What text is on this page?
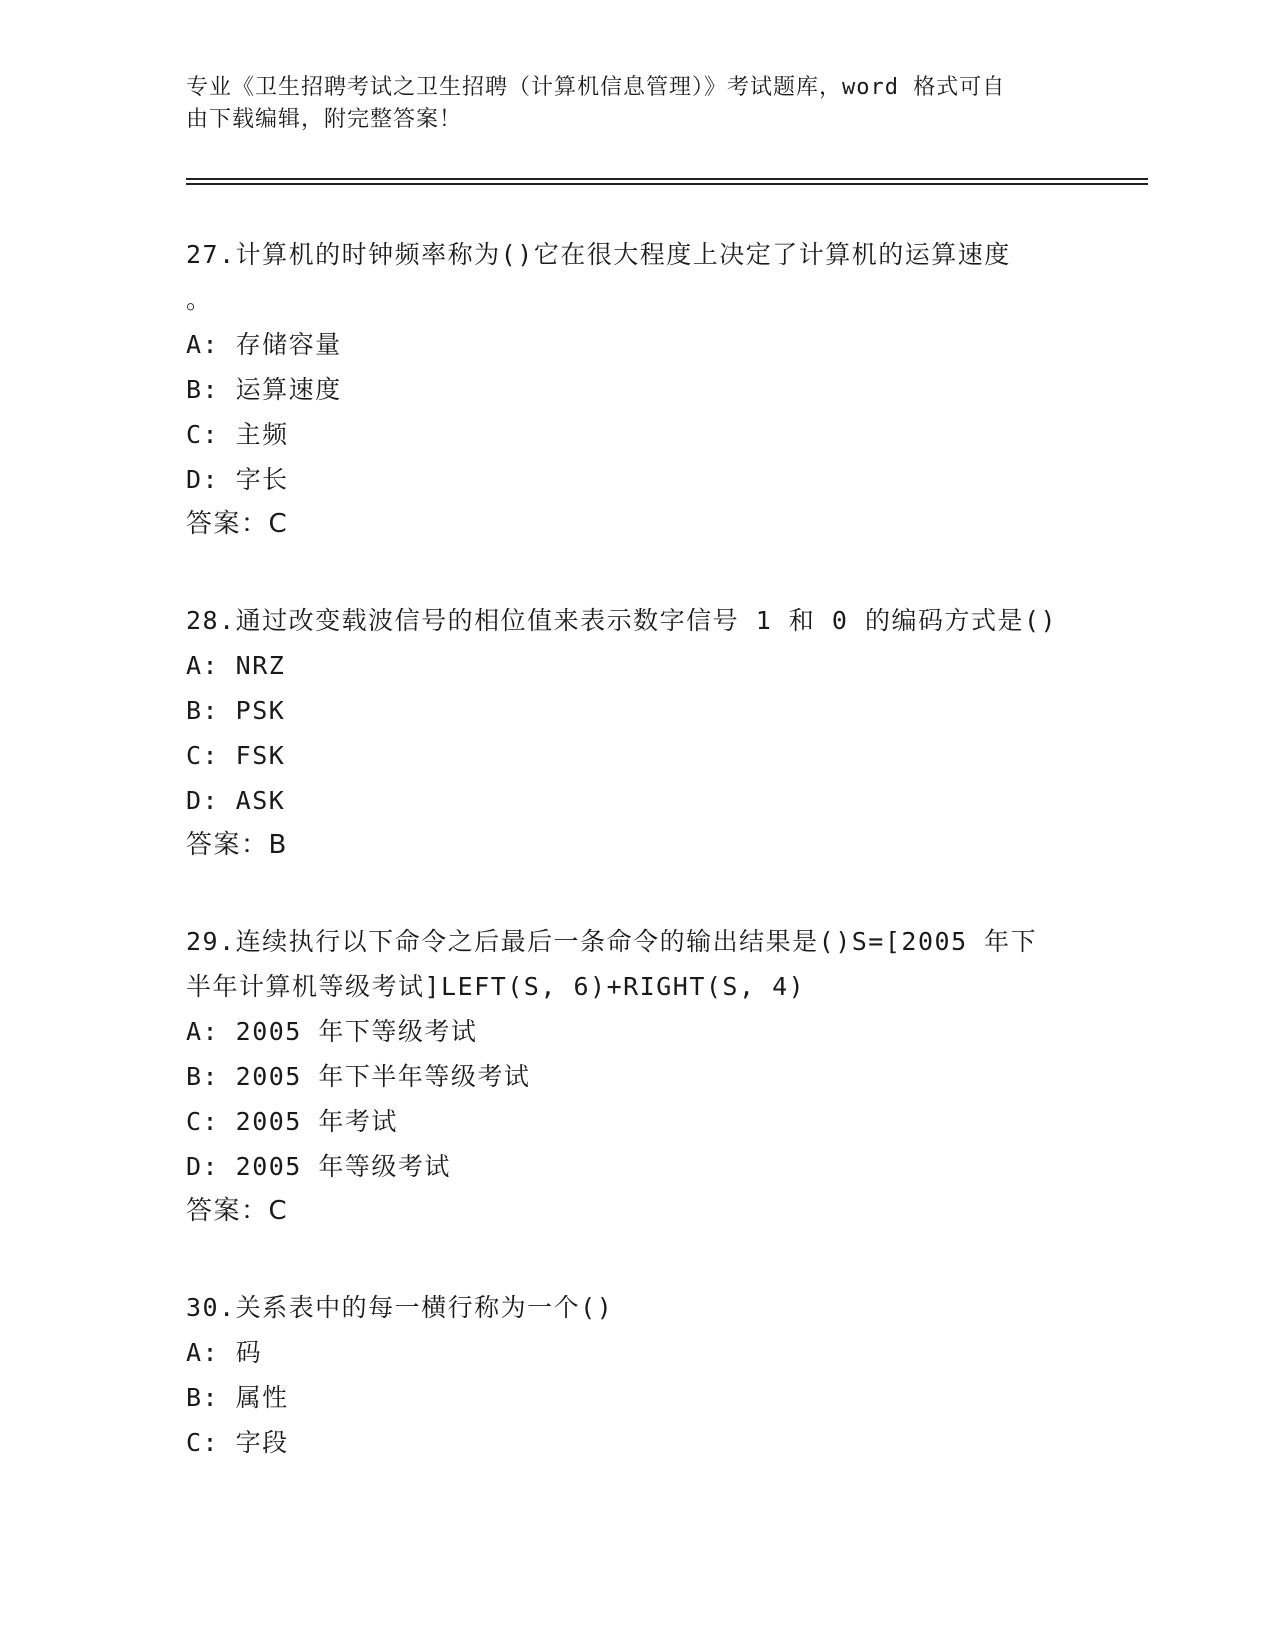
专业《卫生招聘考试之卫生招聘（计算机信息管理）》考试题库，word 格式可自
由下载编辑，附完整答案！
27.计算机的时钟频率称为()它在很大程度上决定了计算机的运算速度
。
A: 存储容量
B: 运算速度
C: 主频
D: 字长
答案：C
28.通过改变载波信号的相位值来表示数字信号 1 和 0 的编码方式是()
A: NRZ
B: PSK
C: FSK
D: ASK
答案：B
29.连续执行以下命令之后最后一条命令的输出结果是()S=[2005 年下
半年计算机等级考试]LEFT(S, 6)+RIGHT(S, 4)
A: 2005 年下等级考试
B: 2005 年下半年等级考试
C: 2005 年考试
D: 2005 年等级考试
答案：C
30.关系表中的每一横行称为一个()
A: 码
B: 属性
C: 字段
